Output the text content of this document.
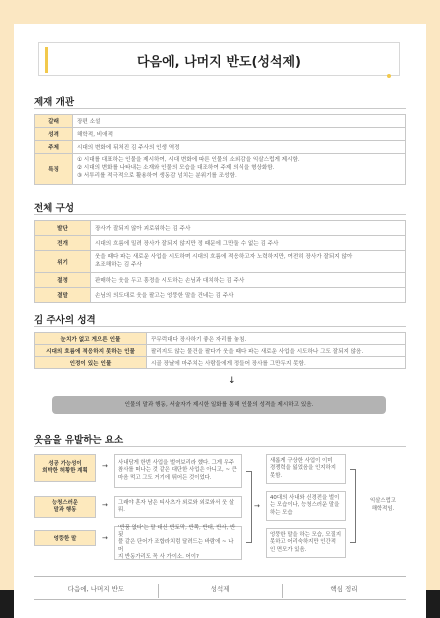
다음에, 나머지 반도(성석제)
제재 개관
갈래	장편 소설
성격	해학적, 비애적
주제	시대의 변화에 뒤처진 김 주사의 인생 역정
특징	① 시대를 대표하는 인물을 제시하여, 시대 변화에 따른 인물의 소외감을 익살스럽게 제시함.
② 시대의 변화를 나타내는 소재와 인물의 모습을 대조하여 주제 의식을 형상화함.
③ 서투리를 적극적으로 활용하여 생동감 넘치는 분위기를 조성함.
전체 구성
발단	장사가 잘되지 않아 괴로워하는 김 주사
전개	시대의 흐름에 밀려 장사가 잘되지 않지만 정 때문에 그만둘 수 없는 김 주사
위기	웃을 때다 파는 새로운 사업을 시도하며 시대의 흐름에 적응하고자 노력하지만, 여전히 장사가 잘되지 않아
초조해하는 김 주사
절정	판매하는 웃을 두고 흥정을 시도하는 손님과 대치하는 김 주사
결말	손님의 의도대로 웃을 팔고는 엉뚱한 말을 건네는 김 주사
김 주사의 성격
눈치가 없고 게으른 인물	꾸무럭대다 장사하기 좋은 자리를 놓침.
시대의 흐름에 적응하지 못하는 인물	팔리지도 않는 물건을 팔다가 웃을 때다 파는 새로운 사업을 시도하나 그도 잘되지 않음.
인정이 있는 인물	시골 장날에 마주치는 사람들에게 정들어 장사를 그만두지 못함.
↓
인물의 말과 행동, 서술자가 제시한 일화를 통해 인물의 성격을 제시하고 있음.
웃음을 유발하는 요소
성공 가능성이
희박한 허황한 계획
→	사내담게 한번 사업을 벌여보리라 했다. 그게 우주
참사를 떠나는 것 같은 대단한 사업은 아니고, ~ 큰
마음 먹고 그도 거기에 뛰어든 것이었다.
능청스러운
말과 행동
→	그래야 혼자 남은 티사츠가 외로와 외로와서 웃 살뭐.
엉뚱한 말	→
'반품 없다'는 말 대신 반토막, 반쪽, 반대, 반사, 반됫
풀 같은 단어가 조합라치럼 달려드는 바람에 ~ 나머
지 반동가리도 꼭 사 가이소. 어이?
→
새롭게 구상한 사업이 이미
경쟁력을 잃었음을 인지하지
못함.
40대의 사내와 신경전을 벌이
는 모습이나, 능청스러운 말을
하는 모습
엉뚱한 말을 하는 모습, 모질지
못하고 어리숙하지만 인간적
인 면모가 있음.
익살스럽고
해학적임.
다음에, 나머지 반도	성석제	핵심 정리
